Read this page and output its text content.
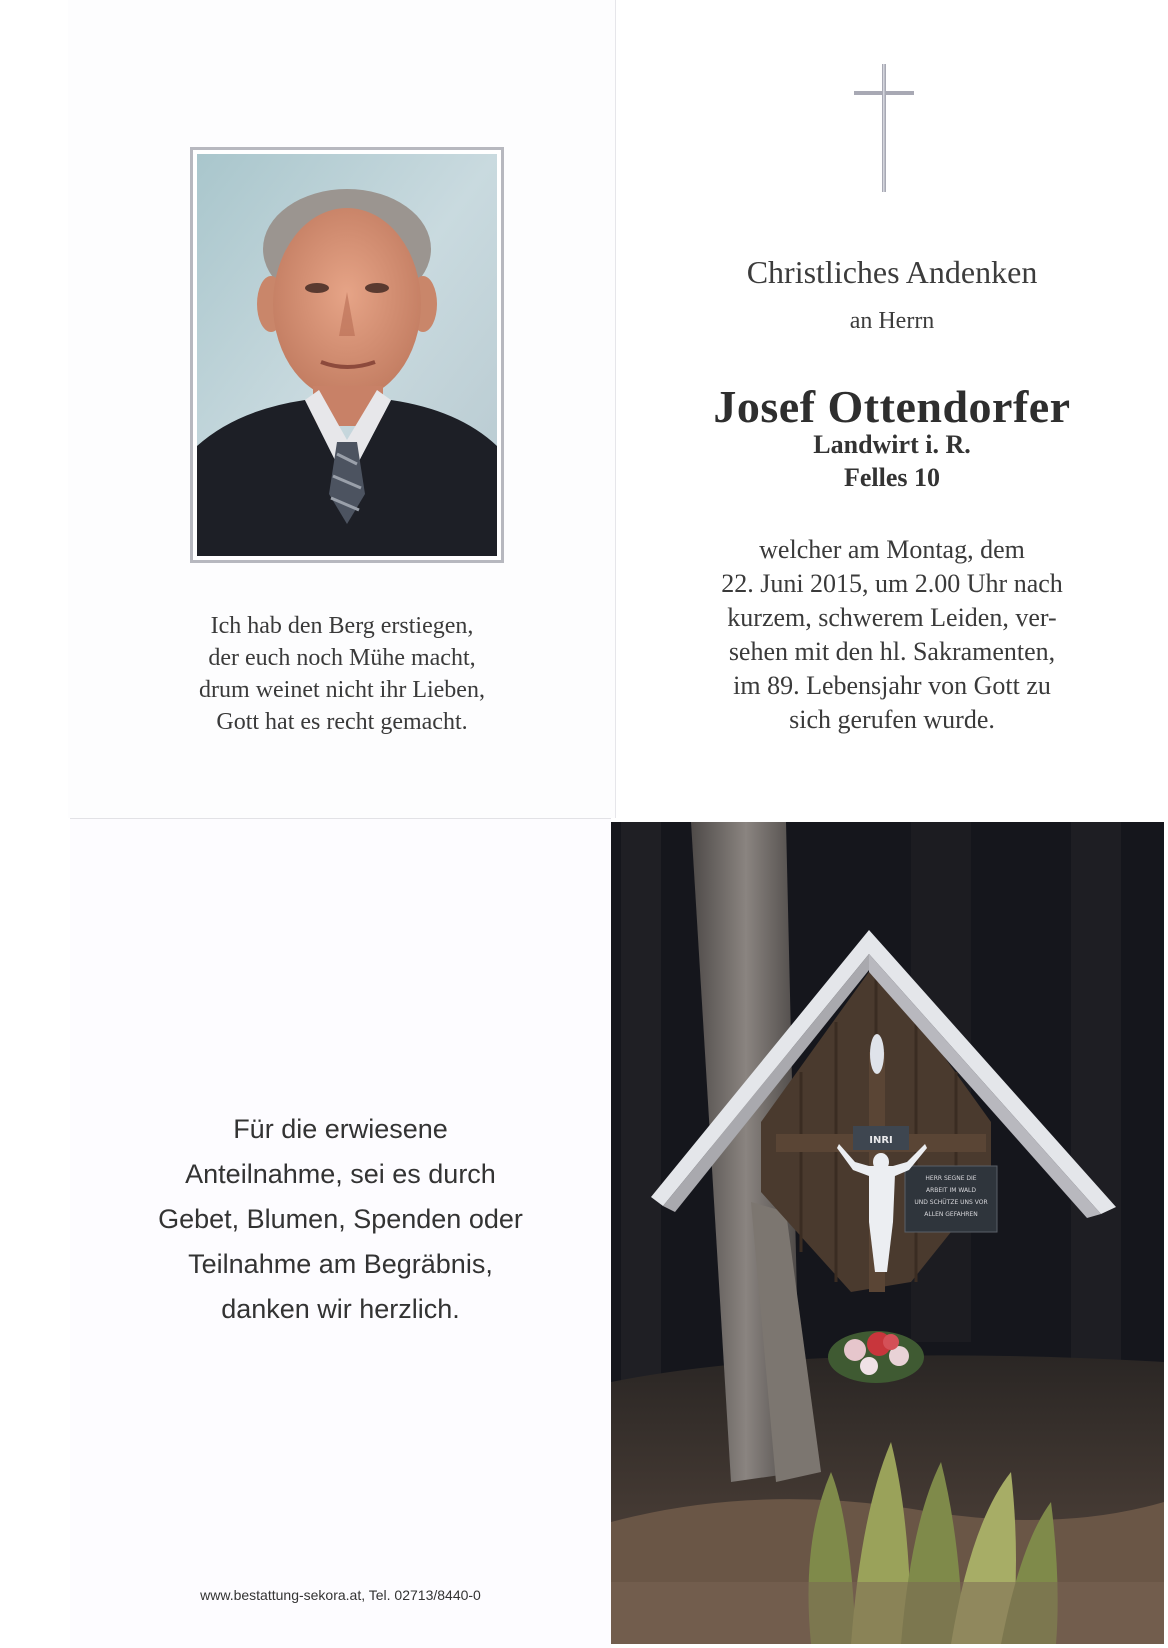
Ich hab den Berg erstiegen,
der euch noch Mühe macht,
drum weinet nicht ihr Lieben,
Gott hat es recht gemacht.
Christliches Andenken
an Herrn
Josef Ottendorfer
Landwirt i. R.
Felles 10
welcher am Montag, dem
22. Juni 2015, um 2.00 Uhr nach
kurzem, schwerem Leiden, ver-
sehen mit den hl. Sakramenten,
im 89. Lebensjahr von Gott zu
sich gerufen wurde.
Für die erwiesene
Anteilnahme, sei es durch
Gebet, Blumen, Spenden oder
Teilnahme am Begräbnis,
danken wir herzlich.
www.bestattung-sekora.at, Tel. 02713/8440-0
INRI
HERR SEGNE DIE
ARBEIT IM WALD
UND SCHÜTZE UNS VOR
ALLEN GEFAHREN
